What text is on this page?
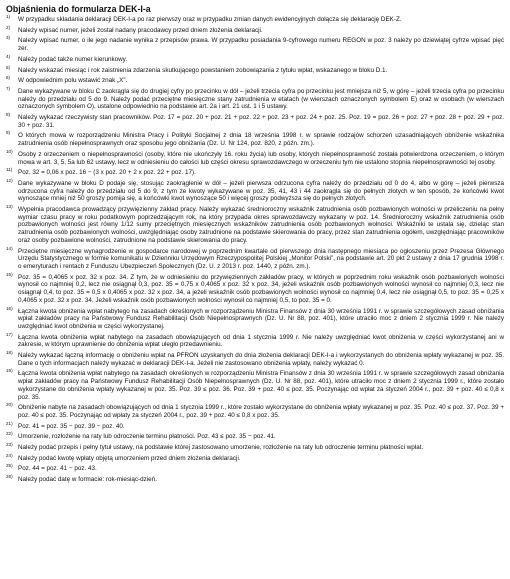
Objaśnienia do formularza DEK-I-a

1) W przypadku składania deklaracji DEK-I-a po raz pierwszy oraz w przypadku zmian danych ewidencyjnych dołącza się deklarację DEK-Z.

2) Należy wpisać numer, jeżeli został nadany pracodawcy przed dniem złożenia deklaracji.

3) Należy wpisać numer, o ile jego nadanie wynika z przepisów prawa. W przypadku posiadania 9-cyfrowego numeru REGON w poz. 3 należy po dziewiątej cyfrze wpisać pięć zer.

4) Należy podać także numer kierunkowy.

5) Należy wskazać miesiąc i rok zaistnienia zdarzenia skutkującego powstaniem zobowiązania z tytułu wpłat, wskazanego w bloku D.1.

6) W odpowiednim polu wstawić znak „X”.

7) Dane wykazywane w bloku C zaokrągla się do drugiej cyfry po przecinku w dół – jeżeli trzecia cyfra po przecinku jest mniejsza niż 5, w górę – jeżeli trzecia cyfra po przecinku należy do przedziału od 5 do 9. Należy podać przeciętne miesięczne stany zatrudnienia w etatach (w wierszach oznaczonych symbolem E) oraz w osobach (w wierszach oznaczonych symbolem O), ustalone odpowiednio na podstawie art. 2a i art. 21 ust. 1 i 5 ustawy.

8) Należy wykazać rzeczywisty stan pracowników. Poz. 17 = poz. 20 + poz. 21 + poz. 22 + poz. 23 + poz. 24 + poz. 25. Poz. 19 = poz. 26 + poz. 27 + poz. 28 + poz. 29 + poz. 30 + poz. 31.

9) O których mowa w rozporządzeniu Ministra Pracy i Polityki Socjalnej z dnia 18 września 1998 r. w sprawie rodzajów schorzeń uzasadniających obniżenie wskaźnika zatrudnienia osób niepełnosprawnych oraz sposobu jego obniżania (Dz. U. Nr 124, poz. 820, z późn. zm.).

10) Osoby z orzeczeniem o niepełnosprawności (osoby, które nie ukończyły 16. roku życia) lub osoby, których niepełnosprawność została potwierdzona orzeczeniem, o którym mowa w art. 3, 5, 5a lub 62 ustawy, lecz w odniesieniu do całości lub części okresu sprawozdawczego w orzeczeniu tym nie ustalono stopnia niepełnosprawności tej osoby.

11) Poz. 32 = 0,06 x poz. 16 − (3 x poz. 20 + 2 x poz. 22 + poz. 17).

12) Dane wykazywane w bloku D podaje się, stosując zaokrąglenie w dół – jeżeli pierwsza odrzucona cyfra należy do przedziału od 0 do 4, albo w górę – jeżeli pierwsza odrzucona cyfra należy do przedziału od 5 do 9, z tym że kwoty wykazywane w poz. 35, 41, 43 i 44 zaokrągla się do pełnych złotych w ten sposób, że końcówki kwot wynoszące mniej niż 50 groszy pomija się, a końcówki kwot wynoszące 50 i więcej groszy podwyższa się do pełnych złotych.

13) Wypełnia pracodawca prowadzący przywięzienny zakład pracy. Należy wykazać średnioroczny wskaźnik zatrudnienia osób pozbawionych wolności w przeliczeniu na pełny wymiar czasu pracy w roku podatkowym poprzedzającym rok, na który przypada okres sprawozdawczy wykazany w poz. 14. Średnioroczny wskaźnik zatrudnienia osób pozbawionych wolności jest równy 1/12 sumy przeciętnych miesięcznych wskaźników zatrudnienia osób pozbawionych wolności. Wskaźniki te ustala się, dzieląc stan zatrudnienia osób pozbawionych wolności, uwzględniając osoby zatrudnione na podstawie skierowania do pracy, przez stan zatrudnienia ogółem, uwzględniając pracowników oraz osoby pozbawione wolności, zatrudnione na podstawie skierowania do pracy.

14) Przeciętne miesięczne wynagrodzenie w gospodarce narodowej w poprzednim kwartale od pierwszego dnia następnego miesiąca po ogłoszeniu przez Prezesa Głównego Urzędu Statystycznego w formie komunikatu w Dzienniku Urzędowym Rzeczypospolitej Polskiej „Monitor Polski”, na podstawie art. 20 pkt 2 ustawy z dnia 17 grudnia 1998 r. o emeryturach i rentach z Funduszu Ubezpieczeń Społecznych (Dz. U. z 2013 r. poz. 1440, z późn. zm.).

15) Poz. 35 = 0,4065 x poz. 32 x poz. 34. Z tym, że w odniesieniu do przywięziennych zakładów pracy, w których w poprzednim roku wskaźnik osób pozbawionych wolności wynosił co najmniej 0,2, lecz nie osiągnął 0,3, poz. 35 = 0,75 x 0,4065 x poz. 32 x poz. 34, jeżeli wskaźnik osób pozbawionych wolności wynosił co najmniej 0,3, lecz nie osiągnął 0,4, to poz. 35 = 0,5 x 0,4065 x poz. 32 x poz. 34, a jeżeli wskaźnik osób pozbawionych wolności wynosił co najmniej 0,4, lecz nie osiągnął 0,5, to poz. 35 = 0,25 x 0,4065 x poz. 32 x poz. 34. Jeżeli wskaźnik osób pozbawionych wolności wynosił co najmniej 0,5, to poz. 35 = 0.

16) Łączna kwota obniżenia wpłat nabytego na zasadach określonych w rozporządzeniu Ministra Finansów z dnia 30 września 1991 r. w sprawie szczegółowych zasad obniżania wpłat zakładów pracy na Państwowy Fundusz Rehabilitacji Osób Niepełnosprawnych (Dz. U. Nr 88, poz. 401), które utraciło moc z dniem 2 stycznia 1999 r. Nie należy uwzględniać kwot obniżenia w części wykorzystanej.

17) Łączna kwota obniżenia wpłat nabytego na zasadach obowiązujących od dnia 1 stycznia 1999 r. Nie należy uwzględniać kwot obniżenia w części wykorzystanej ani w zakresie, w którym uprawnienie do obniżenia wpłat uległo przedawnieniu.

18) Należy wykazać łączną informację o obniżeniu wpłat na PFRON uzyskanych do dnia złożenia deklaracji DEK-I-a i wykorzystanych do obniżenia wpłaty wykazanej w poz. 35. Dane o tych informacjach należy wykazać w deklaracji DEK-I-a. Jeżeli nie zastosowano obniżenia wpłaty, należy wykazać 0.

19) Łączna kwota obniżenia wpłat nabytego na zasadach określonych w rozporządzeniu Ministra Finansów z dnia 30 września 1991 r. w sprawie szczegółowych zasad obniżania wpłat zakładów pracy na Państwowy Fundusz Rehabilitacji Osób Niepełnosprawnych (Dz. U. Nr 88, poz. 401), które utraciło moc z dniem 2 stycznia 1999 r., które zostało wykorzystane do obniżenia wpłaty wykazanej w poz. 35. Poz. 39 ≤ poz. 36. Poz. 39 + poz. 40 ≤ poz. 35. Poczynając od wpłat za styczeń 2004 r., poz. 39 + poz. 40 ≤ 0,8 x poz. 35.

20) Obniżenie nabyte na zasadach obowiązujących od dnia 1 stycznia 1999 r., które zostało wykorzystane do obniżenia wpłaty wykazanej w poz. 35. Poz. 40 ≤ poz. 37. Poz. 39 + poz. 40 ≤ poz. 35. Poczynając od wpłaty za styczeń 2004 r., poz. 39 + poz. 40 ≤ 0,8 x poz. 35.

21) Poz. 41 = poz. 35 − poz. 39 − poz. 40.

22) Umorzenie, rozłożenie na raty lub odroczenie terminu płatności. Poz. 43 ≤ poz. 35 − poz. 41.

23) Należy podać przepis i pełny tytuł ustawy, na podstawie której zastosowano umorzenie, rozłożenie na raty lub odroczenie terminu płatności wpłat.

24) Należy podać kwotę wpłaty objętą umorzeniem przed dniem złożenia deklaracji.

25) Poz. 44 = poz. 41 − poz. 43.

26) Należy podać datę w formacie: rok-miesiąc-dzień.
